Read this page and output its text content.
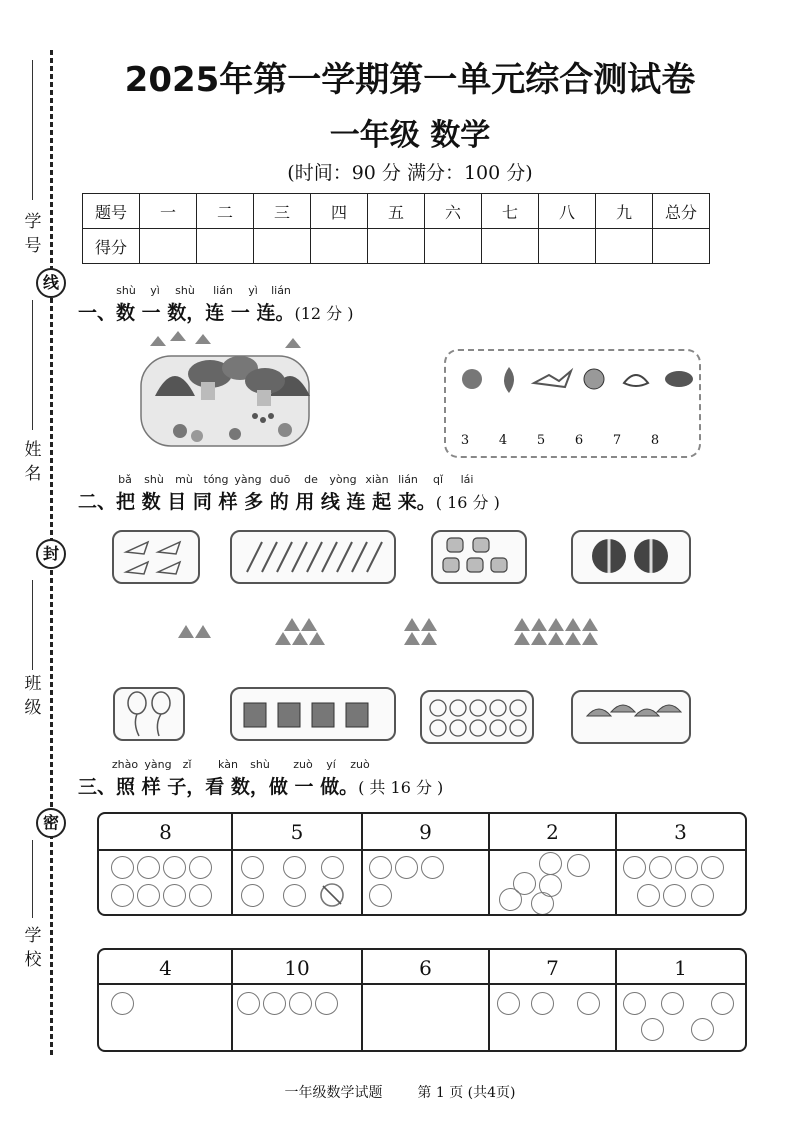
线
封
密
学号
姓名
班级
学校
2025年第一学期第一单元综合测试卷
一年级 数学
(时间：90 分 满分：100 分)
题号	一	二	三	四	五	六	七	八	九	总分
得分										
shù	yì	shù	lián	yì	lián
一、数 一 数，连 一 连。(12 分 )
3 4 5 6 7 8
bǎ	shù	mù tóng yàng duō	de	yòng xiàn lián	qǐ	lái
二、把 数 目 同 样 多 的 用 线 连 起 来。( 16 分 )
zhào yàng zǐ	kàn	shù	zuò	yí	zuò
三、照 样 子，看 数，做 一 做。( 共 16 分 )
8	5	9	2	3
4	10	6	7	1
一年级数学试题 第 1 页 (共4页)
